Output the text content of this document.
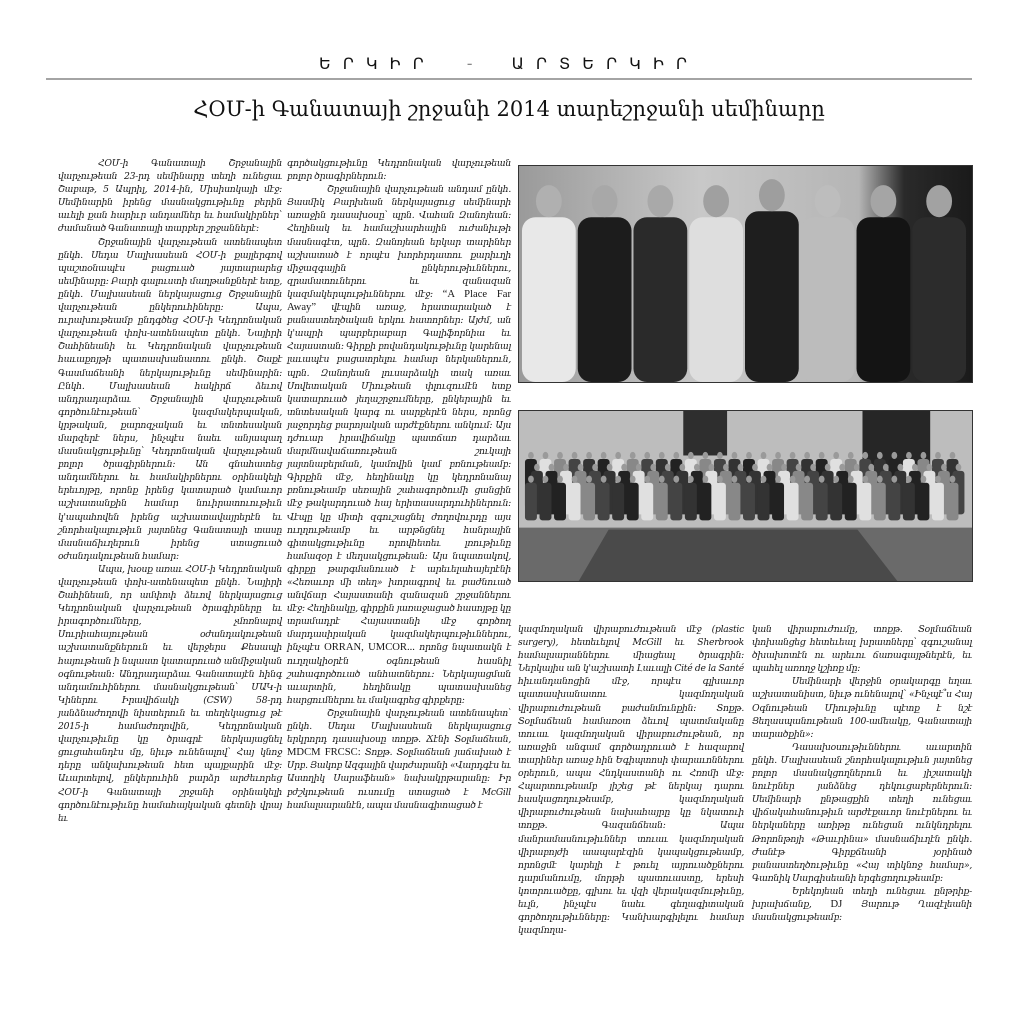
ԵՐԿԻՐ - ԱՐՏԵՐԿԻՐ
ՀՕՄ-ի Գանատայի շրջանի 2014 տարեշրջանի սեմինարը

ՀՕՄ-ի Գանատայի Շրջանային վարչութեան 23-րդ սեմինարը տեղի ունեցաւ Շաբաթ, 5 Ապրիլ, 2014-ին, Միսիսոկայի մէջ: Սեմինարին իրենց մասնակցութիւնը բերին աւելի քան հարիւր անդամներ եւ համակիրներ՝ ժամանած Գանատայի տարբեր շրջաններէ:

Շրջանային վարչութեան ատենապետ ընկհ. Սեդա Մալխասեան ՀՕՄ-ի քայլերգով պաշտօնապէս բացուած յայտարարեց սեմինարը: Բարի գալուստի մաղթանքներէ ետք, ընկհ. Մալխասեան ներկայացուց Շրջանային վարչութեան ընկերուհիները: Ապա, ուրախութեամբ ընդգծեց ՀՕՄ-ի Կեդրոնական վարչութեան փոխ-ատենապետ ընկհ. Նայիրի Շահինեանի եւ Կեդրոնական վարչութեան հաւաքոյթի պատասխանատու ընկհ. Շաքէ Գասմաճեանի ներկայութիւնը սեմինարին: Ընկհ. Մալխասեան հակիրճ ձեւով անդրադարձաւ Շրջանային վարչութեան գործունէութեան՝ կազմակերպական, կրթական, քարոզչական եւ տնտեսական մարզերէ ներս, ինչպէս նաեւ անյապաղ մասնակցութիւնը՝ Կեդրոնական վարչութեան բոլոր ծրագիրներուն: Ան գնահատեց անդամներու եւ համակիրներու օրինակելի երեւոյթը, որոնք իրենց կատարած կամաւոր աշխատանքին համար նուիրատուութիւն կ'ապահովեն իրենց աշխատավայրերէն եւ շնորհակալութիւն յայտնեց Գանատայի տասը մասնաճիւղերուն իրենց ստացուած օժանդակութեան համար:

Ապա, խօսք առաւ ՀՕՄ-ի Կեդրոնական վարչութեան փոխ-ատենապետ ընկհ. Նայիրի Շահինեան, որ ամփոփ ձեւով ներկայացուց Կեդրոնական վարչութեան ծրագիրները եւ իրագործումները, չմոռնալով Սուրիահայութեան օժանդակութեան աշխատանքներուն եւ վերջերս Քեսապի հայութեան ի նպաստ կատարուած անմիջական օգնութեան: Անդրադարձաւ Գանատայէն հինգ անդամուհիներու մասնակցութեան՝ ՄԱԿ-ի Կիներու Իրավիճակի (CSW) 58-րդ յանձնաժողովի նիստերուն եւ տեղեկացուց թէ 2015-ի համաժողովին, Կեդրոնական վարչութիւնը կը ծրագրէ ներկայացնել ցուցահանդէս մը, նիւթ ունենալով՝ Հայ կնոջ դերը անկախութեան հետ պայքարին մէջ: Աւարտելով, ընկերուհին բարձր արժեւորեց ՀՕՄ-ի Գանատայի շրջանի օրինակելի գործունէութիւնը համահայկական գետնի վրայ եւ

գործակցութիւնը Կեդրոնական վարչութեան բոլոր ծրագիրներուն:

Շրջանային վարչութեան անդամ ընկհ. Յասմիկ Բարխեան ներկայացուց սեմինարի առաջին դասախօսը՝ պրն. Վահան Զանոյեան: Հեղինակ եւ համաշխարհային ուժանիւթի մասնագէտ, պրն. Զանոյեան երկար տարիներ աշխատած է որպէս խորհրդատու քարիւղի միջազգային ընկերութիւններու, զրամատուներու եւ զանազան կազմակերպութիւններու մէջ: “A Place Far Away” վէպին առաջ, հրատարակած է բանաստեղծական երկու հատորներ: Այժմ, ան կ'ապրի պարբերաբար Գալիֆորնիա եւ Հայաստան: Գիրքի բովանդակութիւնը կարենալ լաւապէս բացատրելու համար ներկաներուն, պրն. Զանոյեան լուսարձակի տակ առաւ Սովետական Միութեան փլուզումէն ետք կատարուած յեղաշրջումները, ընկերային եւ տնտեսական կարգ ու սարքերէն ներս, որոնց յաջորդեց բարոյական արժէքներու անկում: Այս դժուար իրավիճակը պատճառ դարձաւ մարմնավաճառութեան շուկայի յայտնաբերման, կամովին կամ բռնութեամբ: Գիրքին մէջ, հեղինակը կը կեդրոնանայ բռնութեամբ սեռային շահագործումի ցանցին մէջ թակարդուած հայ երիտասարդուհիներուն: Վէպը կը միտի զգուշացնել ժողովուրդը այս ուղղութեամբ եւ արթնցնել հանրային գիտակցութիւնը որովհետեւ լռութիւնը համազօր է մեղսակցութեան: Այս նպատակով, գիրքը թարգմանուած է արեւելահայերէնի «Հեռաւոր մի տեղ» խորագրով եւ բաժնուած անվճար Հայաստանի զանազան շրջաններու մէջ: Հեղինակը, գիրքին յառաջացած հասոյթը կը տրամադրէ Հայաստանի մէջ գործող մարդասիրական կազմակերպութիւններու, ինչպէս ORRAN, UMCOR... որոնց նպատակն է ուղղակիօրէն օգնութեան հասնիլ շահագործուած անհատներու: Ներկայացման աւարտին, հեղինակը պատասխանեց հարցումներու եւ մակագրեց գիրքերը:

Շրջանային վարչութեան ատենապետ՝ ընկհ. Սեդա Մալխասեան ներկայացուց երկրորդ դասախօսը տոքթ. Ճէնի Տօլմաճեան, MDCM FRCSC: Տոքթ. Տօլմաճեան յաճախած է Սրբ. Յակոբ Ազգային վարժարանի «Վարդգէս եւ Աստղիկ Սարաֆեան» նախակրթարանը: Իր բժշկութեան ուսումը ստացած է McGill համալսարանէն, ապա մասնագիտացած է

կազմողական վիրաբուժութեան մէջ (plastic surgery), հետեւելով McGill եւ Sherbrook համալսարաններու միացեալ ծրագրին: Ներկայիս ան կ'աշխատի Լաւալի Cité de la Santé հիւանդանոցին մէջ, որպէս գլխաւոր պատասխանատու կազմողական վիրաբուժութեան բաժանմունքին: Տոքթ. Տօլմաճեան համառօտ ձեւով պատմականը տուաւ կազմողական վիրաբուժութեան, որ առաջին անգամ գործադրուած է հազարով տարիներ առաջ հին Եգիպտոսի փարաւոններու օրերուն, ապա Հնդկաստանի ու Հռոմի մէջ: Հպարտութեամբ յիշեց թէ ներկայ դարու հասկացողութեամբ, կազմողական վիրաբուժութեան նախահայրը կը նկատուի տոքթ. Գազանճեան: Ապա մանրամասնութիւններ տուաւ կազմողական վիրաբոյժի աապարէզին կապակցութեամբ, որոնցմէ կարելի է թուել այրուածքներու դարմանումը, մորթի պատուաստը, երեսի կոտրուածքը, գլխու եւ վզի վերակազմութիւնը, եւլն, ինչպէս նաեւ գեղագիտական գործողութիւնները: Կանխարգիլելու համար կազմողա-

կան վիրաբուժումը, տոքթ. Տօլմաճեան փոխանցեց հետեւեալ խրատները՝ զգուշանալ ծխախոտէն ու արեւու ճառագայթներէն, եւ պահել առողջ կշիռք մը:

Սեմինարի վերջին օրակարգը եղաւ աշխատանիստ, նիւթ ունենալով՝ «Ինչպէ՞ս Հայ Օգնութեան Միութիւնը պէտք է նշէ Ցեղասպանութեան 100-ամեակը, Գանատայի տարածքին»:

Դասախօսութիւններու աւարտին ընկհ. Մալխասեան շնորհակալութիւն յայտնեց բոլոր մասնակցողներուն եւ յիշատակի նուէրներ յանձնեց դեկուցաբերներուն: Սեմինարի ընթացքին տեղի ունեցաւ վիճակահանութիւն արժէքաւոր նուէրներու եւ ներկաները առիթը ունեցան ունկնդրելու Թորոնթոյի «Թաւրինա» մասնաճիւղէն ընկհ. Ժանէթ Գիրքճեանի յօրինած բանաստեղծութիւնը «Հայ տիկնոջ համար», Գառնիկ Սարգիսեանի երգեցողութեամբ:

Երեկոյեան տեղի ունեցաւ ընթրիք-խրախճանք, DJ Յարութ Ղազէլեանի մասնակցութեամբ:
